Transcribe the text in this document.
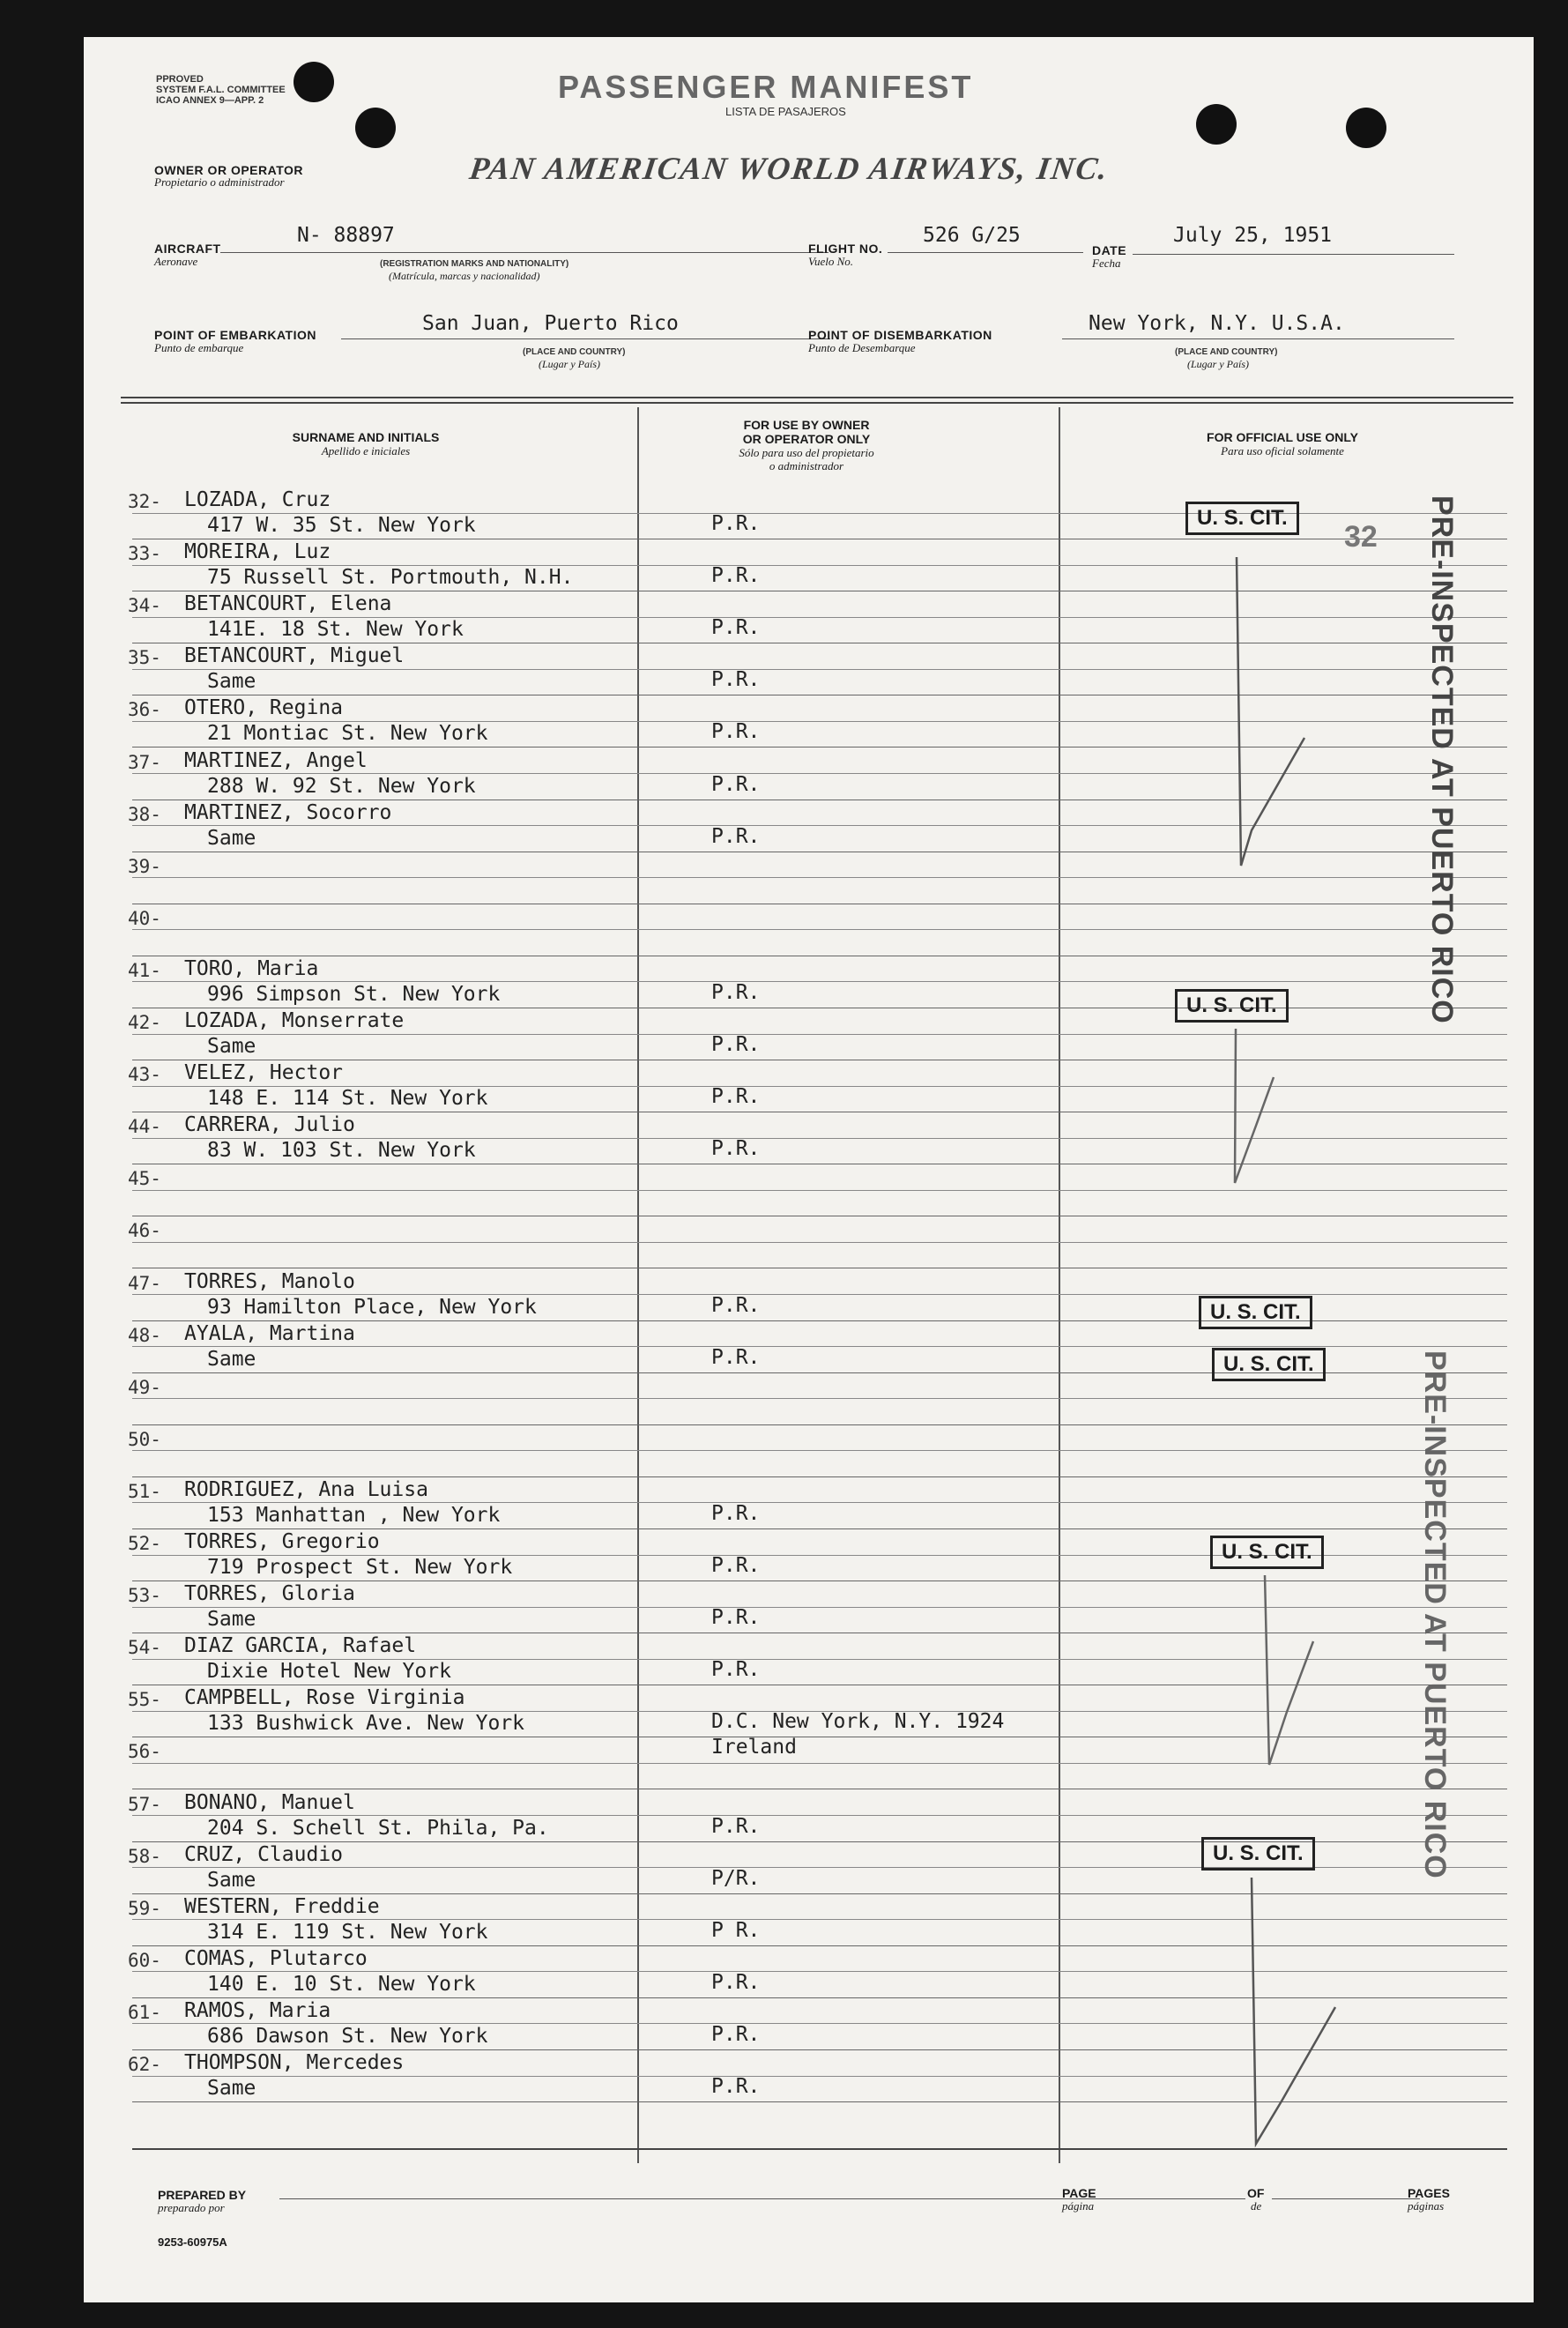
PPROVED
SYSTEM F.A.L. COMMITTEE
ICAO ANNEX 9—APP. 2	PASSENGER MANIFEST
LISTA DE PASAJEROS
OWNER OR OPERATOR
Propietario o administrador	PAN AMERICAN WORLD AIRWAYS, INC.
AIRCRAFT
Aeronave
N- 88897
(REGISTRATION MARKS AND NATIONALITY)
(Matrícula, marcas y nacionalidad)
FLIGHT NO.
Vuelo No.
526 G/25
DATE
Fecha
July 25, 1951
POINT OF EMBARKATION
Punto de embarque
San Juan, Puerto Rico
(PLACE AND COUNTRY)
(Lugar y País)
POINT OF DISEMBARKATION
Punto de Desembarque
New York, N.Y. U.S.A.
(PLACE AND COUNTRY)
(Lugar y País)
SURNAME AND INITIALS
Apellido e iniciales
FOR USE BY OWNER
OR OPERATOR ONLY
Sólo para uso del propietario
o administrador
FOR OFFICIAL USE ONLY
Para uso oficial solamente
32- LOZADA, Cruz
417 W. 35 St. New York	P.R.
33- MOREIRA, Luz
75 Russell St. Portmouth, N.H.	P.R.
34- BETANCOURT, Elena
141E. 18 St. New York	P.R.
35- BETANCOURT, Miguel
Same	P.R.
36- OTERO, Regina
21 Montiac St. New York	P.R.
37- MARTINEZ, Angel
288 W. 92 St. New York	P.R.
38- MARTINEZ, Socorro
Same	P.R.
39-
40-
41- TORO, Maria
996 Simpson St. New York	P.R.
42- LOZADA, Monserrate
Same	P.R.
43- VELEZ, Hector
148 E. 114 St. New York	P.R.
44- CARRERA, Julio
83 W. 103 St. New York	P.R.
45-
46-
47- TORRES, Manolo
93 Hamilton Place, New York	P.R.
48- AYALA, Martina
Same	P.R.
49-
50-
51- RODRIGUEZ, Ana Luisa
153 Manhattan , New York	P.R.
52- TORRES, Gregorio
719 Prospect St. New York	P.R.
53- TORRES, Gloria
Same	P.R.
54- DIAZ GARCIA, Rafael
Dixie Hotel New York	P.R.
55- CAMPBELL, Rose Virginia
133 Bushwick Ave. New York	D.C. New York, N.Y. 1924
Ireland
56-
57- BONANO, Manuel
204 S. Schell St. Phila, Pa.	P.R.
58- CRUZ, Claudio
Same	P/R.
59- WESTERN, Freddie
314 E. 119 St. New York	P R.
60- COMAS, Plutarco
140 E. 10 St. New York	P.R.
61- RAMOS, Maria
686 Dawson St. New York	P.R.
62- THOMPSON, Mercedes
Same	P.R.
U. S. CIT.
32
U. S. CIT.
U. S. CIT.
U. S. CIT.
U. S. CIT.
U. S. CIT.
PRE-INSPECTED AT PUERTO RICO
PRE-INSPECTED AT PUERTO RICO
PREPARED BY
preparado por
PAGE
página
OF
de
PAGES
páginas
9253-60975A
